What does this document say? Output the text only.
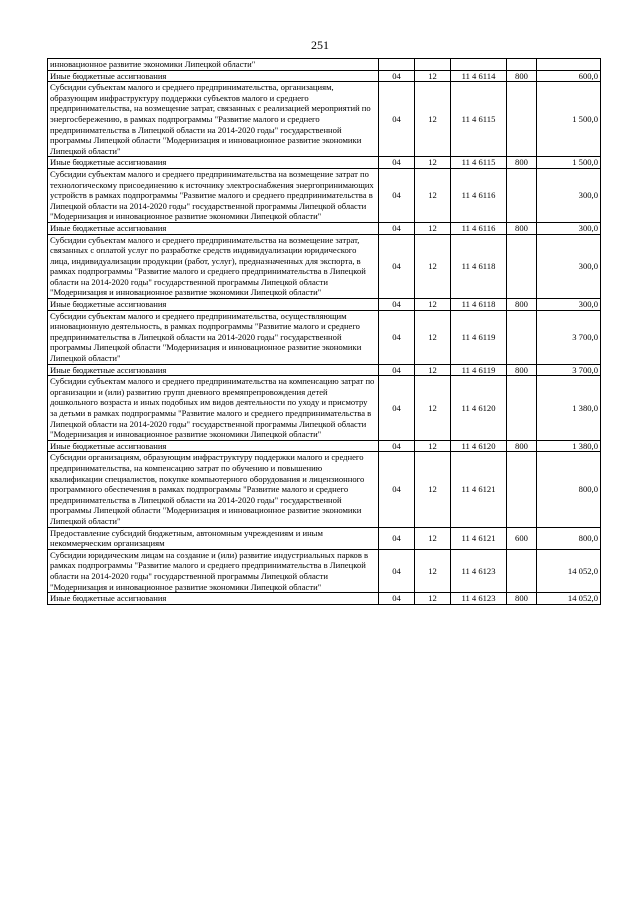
251
инновационное развитие экономики Липецкой области"					
Иные бюджетные ассигнования	04	12	11 4 6114	800	600,0
Субсидии субъектам малого и среднего предпринимательства, организациям, образующим инфраструктуру поддержки субъектов малого и среднего предпринимательства, на возмещение затрат, связанных с реализацией мероприятий по энергосбережению, в рамках подпрограммы "Развитие малого и среднего предпринимательства в Липецкой области на 2014-2020 годы" государственной программы Липецкой области "Модернизация и инновационное развитие экономики Липецкой области"	04	12	11 4 6115		1 500,0
Иные бюджетные ассигнования	04	12	11 4 6115	800	1 500,0
Субсидии субъектам малого и среднего предпринимательства на возмещение затрат по технологическому присоединению к источнику электроснабжения энергопринимающих устройств в рамках подпрограммы "Развитие малого и среднего предпринимательства в Липецкой области на 2014-2020 годы" государственной программы Липецкой области "Модернизация и инновационное развитие экономики Липецкой области"	04	12	11 4 6116		300,0
Иные бюджетные ассигнования	04	12	11 4 6116	800	300,0
Субсидии субъектам малого и среднего предпринимательства на возмещение затрат, связанных с оплатой услуг по разработке средств индивидуализации юридического лица, индивидуализации продукции (работ, услуг), предназначенных для экспорта, в рамках подпрограммы "Развитие малого и среднего предпринимательства в Липецкой области на 2014-2020 годы" государственной программы Липецкой области "Модернизация и инновационное развитие экономики Липецкой области"	04	12	11 4 6118		300,0
Иные бюджетные ассигнования	04	12	11 4 6118	800	300,0
Субсидии субъектам малого и среднего предпринимательства, осуществляющим инновационную деятельность, в рамках подпрограммы "Развитие малого и среднего предпринимательства в Липецкой области на 2014-2020 годы" государственной программы Липецкой области "Модернизация и инновационное развитие экономики Липецкой области"	04	12	11 4 6119		3 700,0
Иные бюджетные ассигнования	04	12	11 4 6119	800	3 700,0
Субсидии субъектам малого и среднего предпринимательства на компенсацию затрат по организации и (или) развитию групп дневного времяпрепровождения детей дошкольного возраста и иных подобных им видов деятельности по уходу и присмотру за детьми в рамках подпрограммы "Развитие малого и среднего предпринимательства в Липецкой области на 2014-2020 годы" государственной программы Липецкой области "Модернизация и инновационное развитие экономики Липецкой области"	04	12	11 4 6120		1 380,0
Иные бюджетные ассигнования	04	12	11 4 6120	800	1 380,0
Субсидии организациям, образующим инфраструктуру поддержки малого и среднего предпринимательства, на компенсацию затрат по обучению и повышению квалификации специалистов, покупке компьютерного оборудования и лицензионного программного обеспечения в рамках подпрограммы "Развитие малого и среднего предпринимательства в Липецкой области на 2014-2020 годы" государственной программы Липецкой области "Модернизация и инновационное развитие экономики Липецкой области"	04	12	11 4 6121		800,0
Предоставление субсидий бюджетным, автономным учреждениям и иным некоммерческим организациям	04	12	11 4 6121	600	800,0
Субсидии юридическим лицам на создание и (или) развитие индустриальных парков в рамках подпрограммы "Развитие малого и среднего предпринимательства в Липецкой области на 2014-2020 годы" государственной программы Липецкой области "Модернизация и инновационное развитие экономики Липецкой области"	04	12	11 4 6123		14 052,0
Иные бюджетные ассигнования	04	12	11 4 6123	800	14 052,0
